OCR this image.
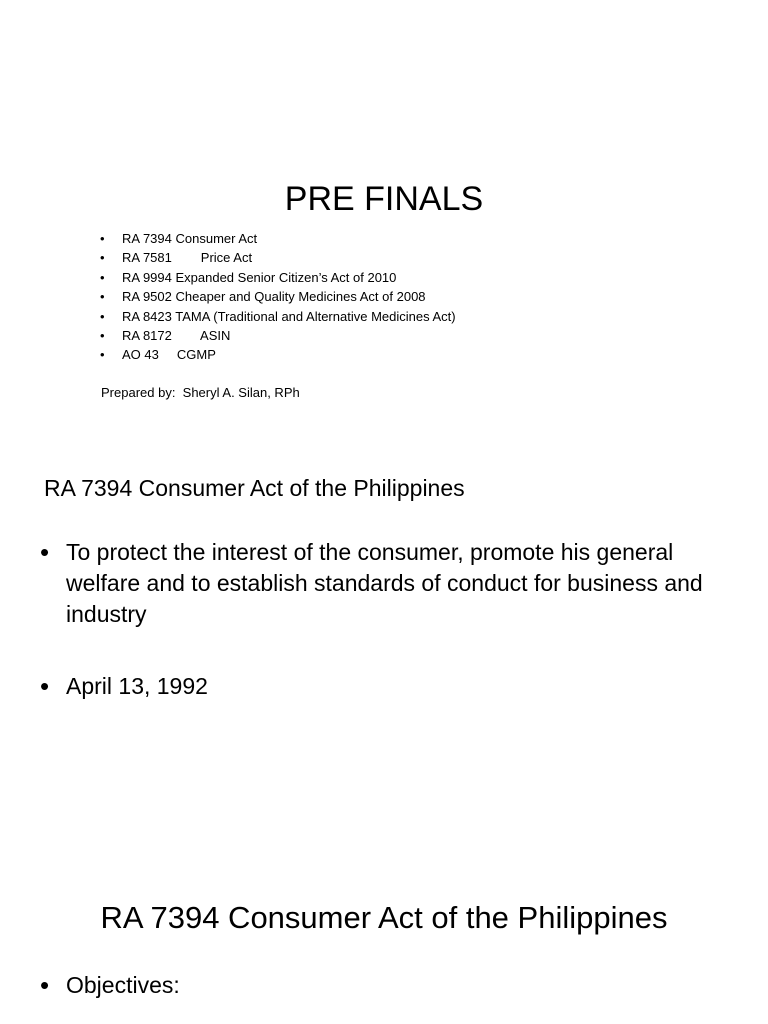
PRE FINALS
• RA 7394 Consumer Act
• RA 7581        Price Act
• RA 9994 Expanded Senior Citizen’s Act of 2010
• RA 9502 Cheaper and Quality Medicines Act of 2008
• RA 8423 TAMA (Traditional and Alternative Medicines Act)
• RA 8172        ASIN
• AO 43     CGMP
Prepared by:  Sheryl A. Silan, RPh
RA 7394 Consumer Act of the Philippines
• To protect the interest of the consumer, promote his general welfare and to establish standards of conduct for business and industry
• April 13, 1992
RA 7394 Consumer Act of the Philippines
• Objectives:
